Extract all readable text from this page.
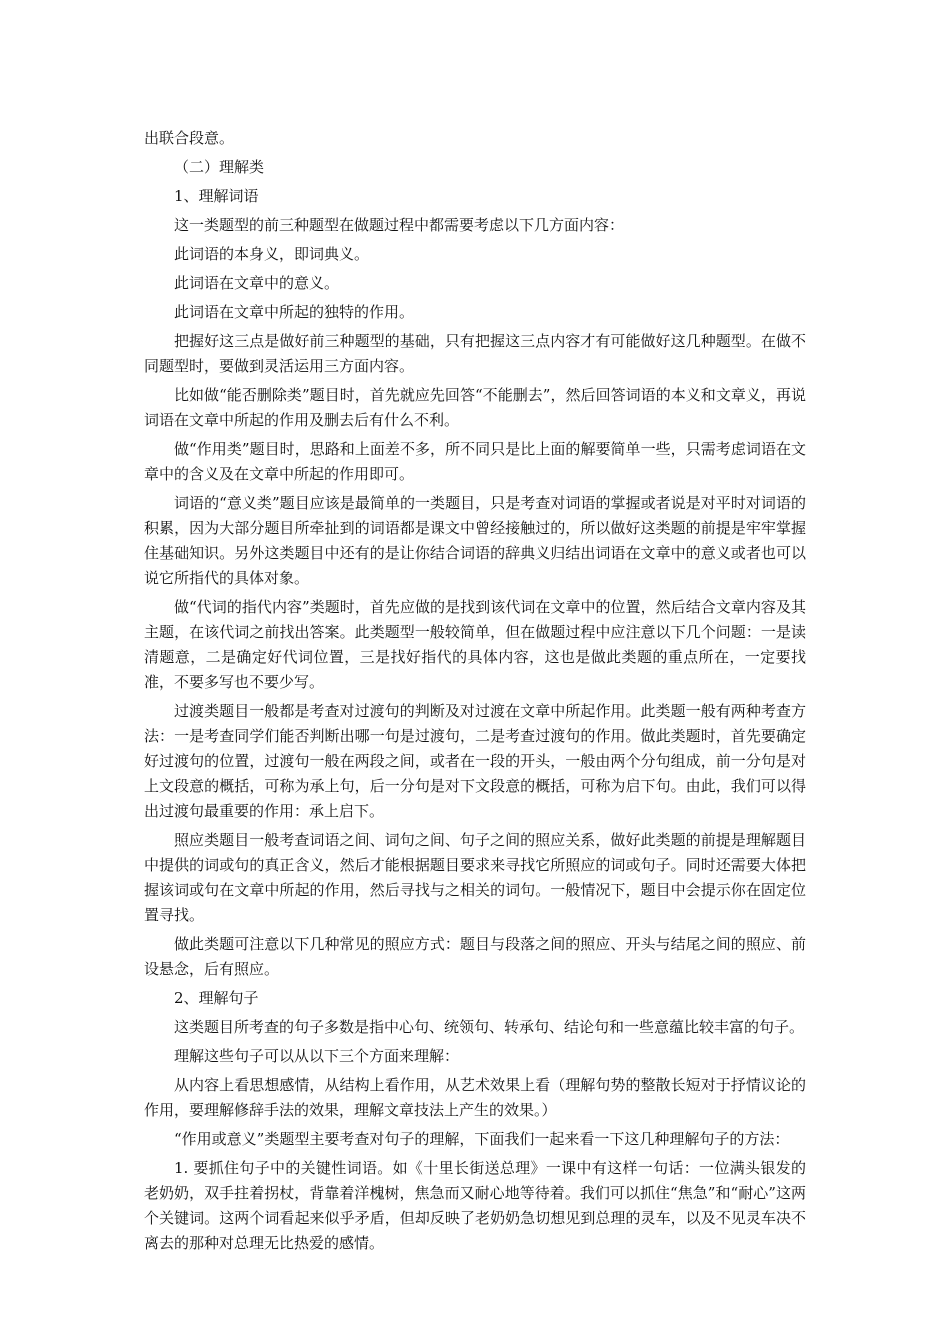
出联合段意。

（二）理解类

1、理解词语

这一类题型的前三种题型在做题过程中都需要考虑以下几方面内容：

此词语的本身义，即词典义。

此词语在文章中的意义。

此词语在文章中所起的独特的作用。

把握好这三点是做好前三种题型的基础，只有把握这三点内容才有可能做好这几种题型。在做不同题型时，要做到灵活运用三方面内容。

比如做“能否删除类”题目时，首先就应先回答“不能删去”，然后回答词语的本义和文章义，再说词语在文章中所起的作用及删去后有什么不利。

做“作用类”题目时，思路和上面差不多，所不同只是比上面的解要简单一些，只需考虑词语在文章中的含义及在文章中所起的作用即可。

词语的“意义类”题目应该是最简单的一类题目，只是考查对词语的掌握或者说是对平时对词语的积累，因为大部分题目所牵扯到的词语都是课文中曾经接触过的，所以做好这类题的前提是牢牢掌握住基础知识。另外这类题目中还有的是让你结合词语的辞典义归结出词语在文章中的意义或者也可以说它所指代的具体对象。

做“代词的指代内容”类题时，首先应做的是找到该代词在文章中的位置，然后结合文章内容及其主题，在该代词之前找出答案。此类题型一般较简单，但在做题过程中应注意以下几个问题：一是读清题意，二是确定好代词位置，三是找好指代的具体内容，这也是做此类题的重点所在，一定要找准，不要多写也不要少写。

过渡类题目一般都是考查对过渡句的判断及对过渡在文章中所起作用。此类题一般有两种考查方法：一是考查同学们能否判断出哪一句是过渡句，二是考查过渡句的作用。做此类题时，首先要确定好过渡句的位置，过渡句一般在两段之间，或者在一段的开头，一般由两个分句组成，前一分句是对上文段意的概括，可称为承上句，后一分句是对下文段意的概括，可称为启下句。由此，我们可以得出过渡句最重要的作用：承上启下。

照应类题目一般考查词语之间、词句之间、句子之间的照应关系，做好此类题的前提是理解题目中提供的词或句的真正含义，然后才能根据题目要求来寻找它所照应的词或句子。同时还需要大体把握该词或句在文章中所起的作用，然后寻找与之相关的词句。一般情况下，题目中会提示你在固定位置寻找。

做此类题可注意以下几种常见的照应方式：题目与段落之间的照应、开头与结尾之间的照应、前设悬念，后有照应。

2、理解句子

这类题目所考查的句子多数是指中心句、统领句、转承句、结论句和一些意蕴比较丰富的句子。

理解这些句子可以从以下三个方面来理解：

从内容上看思想感情，从结构上看作用，从艺术效果上看（理解句势的整散长短对于抒情议论的作用，要理解修辞手法的效果，理解文章技法上产生的效果。）

“作用或意义”类题型主要考查对句子的理解，下面我们一起来看一下这几种理解句子的方法：

1. 要抓住句子中的关键性词语。如《十里长街送总理》一课中有这样一句话：一位满头银发的老奶奶，双手拄着拐杖，背靠着洋槐树，焦急而又耐心地等待着。我们可以抓住“焦急”和“耐心”这两个关键词。这两个词看起来似乎矛盾，但却反映了老奶奶急切想见到总理的灵车，以及不见灵车决不离去的那种对总理无比热爱的感情。
